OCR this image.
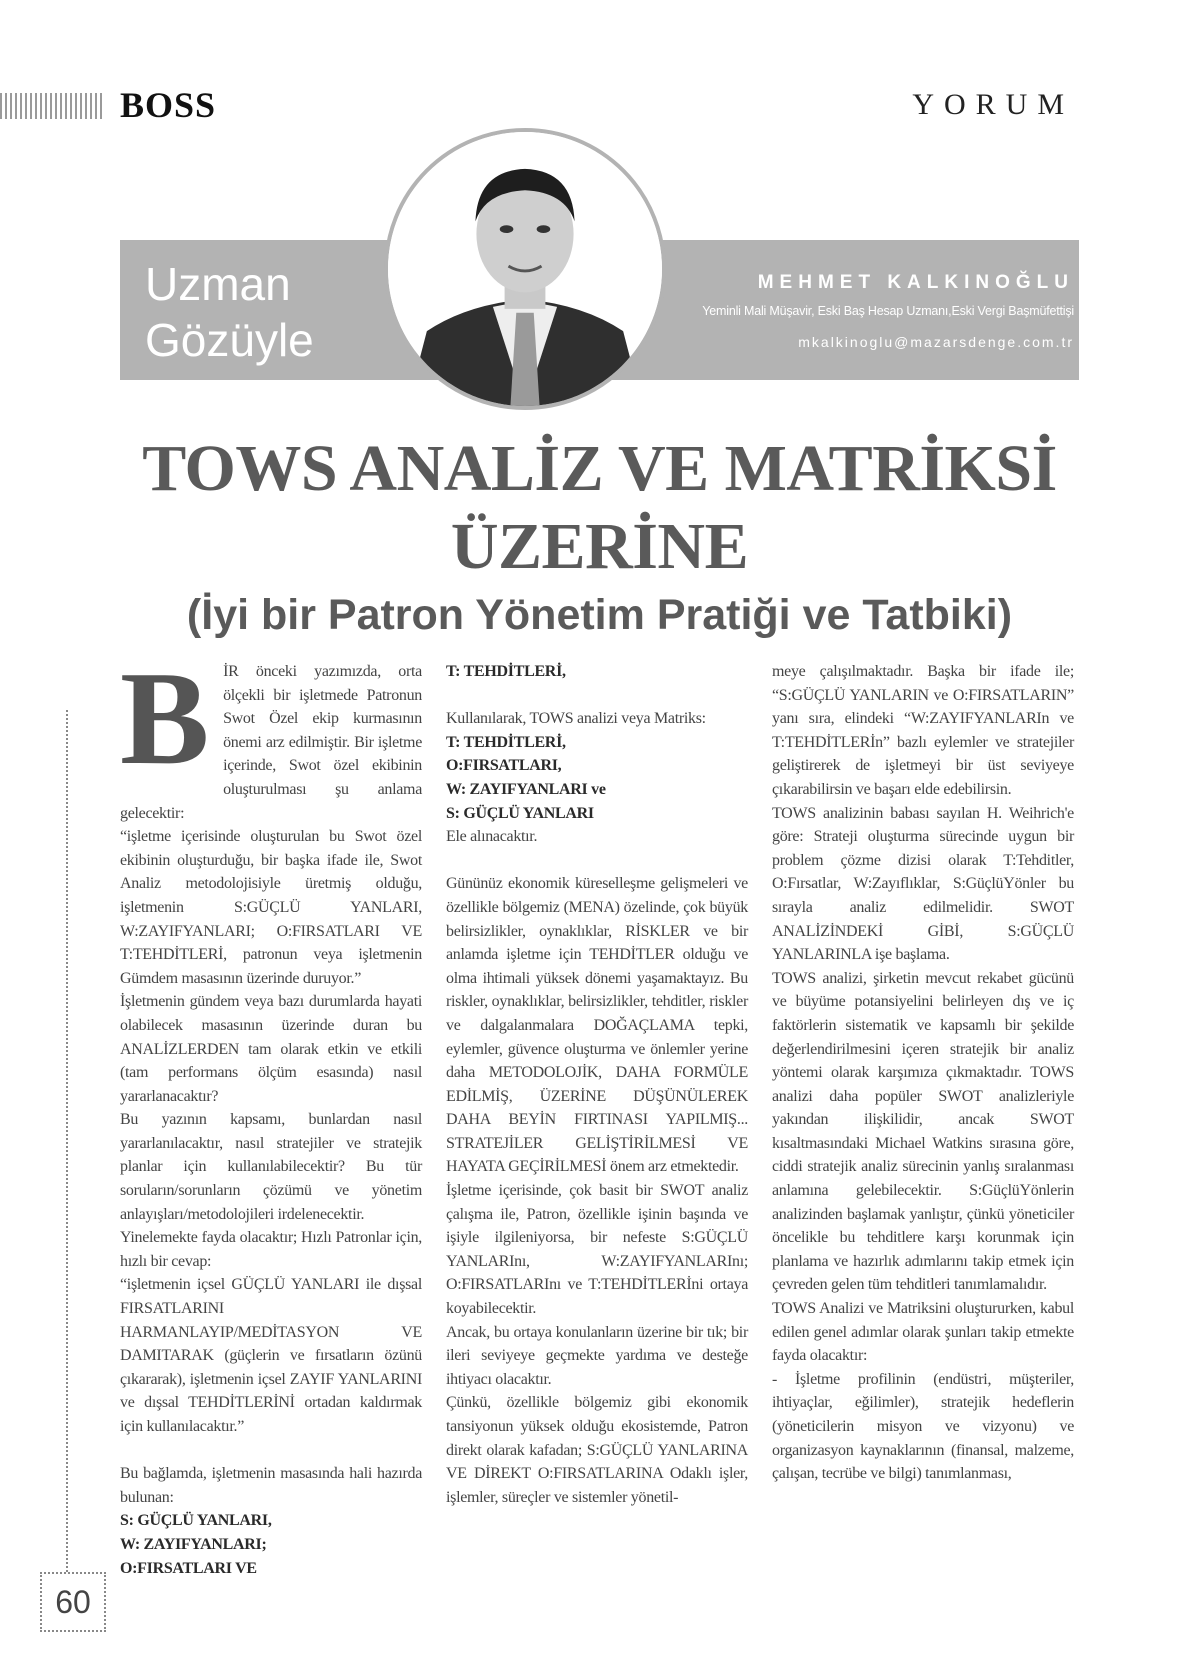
BOSS	YORUM
Uzman
Gözüyle
MEHMET KALKINOĞLU
Yeminli Mali Müşavir, Eski Baş Hesap Uzmanı,Eski Vergi Başmüfettişi
mkalkinoglu@mazarsdenge.com.tr
TOWS ANALİZ VE MATRİKSİ
ÜZERİNE
(İyi bir Patron Yönetim Pratiği ve Tatbiki)
B İR önceki yazımızda, orta ölçekli bir işletmede Patronun Swot Özel ekip kurmasının önemi arz edilmiştir. Bir işletme içerinde, Swot özel ekibinin oluşturulması şu anlama gelecektir:

“işletme içerisinde oluşturulan bu Swot özel ekibinin oluşturduğu, bir başka ifade ile, Swot Analiz metodolojisiyle üretmiş olduğu, işletmenin S:GÜÇLÜ YANLARI, W:ZAYIFYANLARI; O:FIRSATLARI VE T:TEHDİTLERİ, patronun veya işletmenin Gümdem masasının üzerinde duruyor.”

İşletmenin gündem veya bazı durumlarda hayati olabilecek masasının üzerinde duran bu ANALİZLERDEN tam olarak etkin ve etkili (tam performans ölçüm esasında) nasıl yararlanacaktır?

Bu yazının kapsamı, bunlardan nasıl yararlanılacaktır, nasıl stratejiler ve stratejik planlar için kullanılabilecektir? Bu tür soruların/sorunların çözümü ve yönetim anlayışları/metodolojileri irdelenecektir.

Yinelemekte fayda olacaktır; Hızlı Patronlar için, hızlı bir cevap:

“işletmenin içsel GÜÇLÜ YANLARI ile dışsal FIRSATLARINI HARMANLAYIP/MEDİTASYON VE DAMITARAK (güçlerin ve fırsatların özünü çıkararak), işletmenin içsel ZAYIF YANLARINI ve dışsal TEHDİTLERİNİ ortadan kaldırmak için kullanılacaktır.”

Bu bağlamda, işletmenin masasında hali hazırda bulunan:

S: GÜÇLÜ YANLARI,

W: ZAYIFYANLARI;

O:FIRSATLARI VE

T: TEHDİTLERİ,

Kullanılarak, TOWS analizi veya Matriks:

T: TEHDİTLERİ,

O:FIRSATLARI,

W: ZAYIFYANLARI ve

S: GÜÇLÜ YANLARI

Ele alınacaktır.

Gününüz ekonomik küreselleşme gelişmeleri ve özellikle bölgemiz (MENA) özelinde, çok büyük belirsizlikler, oynaklıklar, RİSKLER ve bir anlamda işletme için TEHDİTLER olduğu ve olma ihtimali yüksek dönemi yaşamaktayız. Bu riskler, oynaklıklar, belirsizlikler, tehditler, riskler ve dalgalanmalara DOĞAÇLAMA tepki, eylemler, güvence oluşturma ve önlemler yerine daha METODOLOJİK, DAHA FORMÜLE EDİLMİŞ, ÜZERİNE DÜŞÜNÜLEREK DAHA BEYİN FIRTINASI YAPILMIŞ... STRATEJİLER GELİŞTİRİLMESİ VE HAYATA GEÇİRİLMESİ önem arz etmektedir.

İşletme içerisinde, çok basit bir SWOT analiz çalışma ile, Patron, özellikle işinin başında ve işiyle ilgileniyorsa, bir nefeste S:GÜÇLÜ YANLARInı, W:ZAYIFYANLARInı; O:FIRSATLARInı ve T:TEHDİTLERİni ortaya koyabilecektir.

Ancak, bu ortaya konulanların üzerine bir tık; bir ileri seviyeye geçmekte yardıma ve desteğe ihtiyacı olacaktır.

Çünkü, özellikle bölgemiz gibi ekonomik tansiyonun yüksek olduğu ekosistemde, Patron direkt olarak kafadan; S:GÜÇLÜ YANLARINA VE DİREKT O:FIRSATLARINA Odaklı işler, işlemler, süreçler ve sistemler yönetil-

meye çalışılmaktadır. Başka bir ifade ile; “S:GÜÇLÜ YANLARIN ve O:FIRSATLARIN” yanı sıra, elindeki “W:ZAYIFYANLARIn ve T:TEHDİTLERİn” bazlı eylemler ve stratejiler geliştirerek de işletmeyi bir üst seviyeye çıkarabilirsin ve başarı elde edebilirsin.

TOWS analizinin babası sayılan H. Weihrich'e göre: Strateji oluşturma sürecinde uygun bir problem çözme dizisi olarak T:Tehditler, O:Fırsatlar, W:Zayıflıklar, S:GüçlüYönler bu sırayla analiz edilmelidir. SWOT ANALİZİNDEKİ GİBİ, S:GÜÇLÜ YANLARINLA işe başlama.

TOWS analizi, şirketin mevcut rekabet gücünü ve büyüme potansiyelini belirleyen dış ve iç faktörlerin sistematik ve kapsamlı bir şekilde değerlendirilmesini içeren stratejik bir analiz yöntemi olarak karşımıza çıkmaktadır. TOWS analizi daha popüler SWOT analizleriyle yakından ilişkilidir, ancak SWOT kısaltmasındaki Michael Watkins sırasına göre, ciddi stratejik analiz sürecinin yanlış sıralanması anlamına gelebilecektir. S:GüçlüYönlerin analizinden başlamak yanlıştır, çünkü yöneticiler öncelikle bu tehditlere karşı korunmak için planlama ve hazırlık adımlarını takip etmek için çevreden gelen tüm tehditleri tanımlamalıdır.

TOWS Analizi ve Matriksini oluştururken, kabul edilen genel adımlar olarak şunları takip etmekte fayda olacaktır:

- İşletme profilinin (endüstri, müşteriler, ihtiyaçlar, eğilimler), stratejik hedeflerin (yöneticilerin misyon ve vizyonu) ve organizasyon kaynaklarının (finansal, malzeme, çalışan, tecrübe ve bilgi) tanımlanması,

60
